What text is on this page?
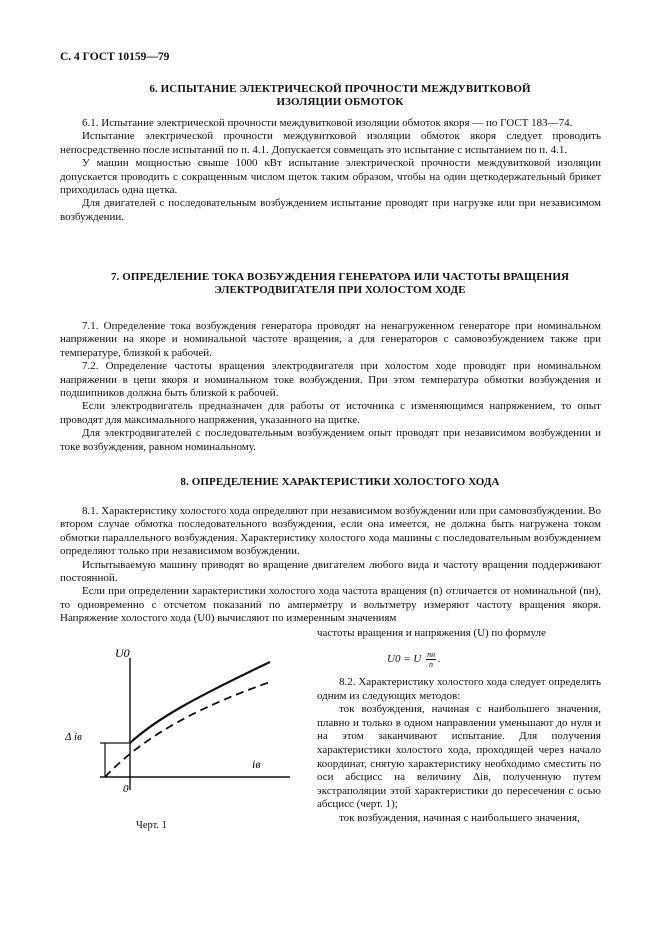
С. 4 ГОСТ 10159—79
6. ИСПЫТАНИЕ ЭЛЕКТРИЧЕСКОЙ ПРОЧНОСТИ МЕЖДУВИТКОВОЙ
ИЗОЛЯЦИИ ОБМОТОК

6.1. Испытание электрической прочности междувитковой изоляции обмоток якоря — по ГОСТ 183—74.

Испытание электрической прочности междувитковой изоляции обмоток якоря следует проводить непосредственно после испытаний по п. 4.1. Допускается совмещать это испытание с испытанием по п. 4.1.

У машин мощностью свыше 1000 кВт испытание электрической прочности междувитковой изоляции допускается проводить с сокращенным числом щеток таким образом, чтобы на один щеткодержательный брикет приходилась одна щетка.

Для двигателей с последовательным возбуждением испытание проводят при нагрузке или при независимом возбуждении.

7. ОПРЕДЕЛЕНИЕ ТОКА ВОЗБУЖДЕНИЯ ГЕНЕРАТОРА ИЛИ ЧАСТОТЫ ВРАЩЕНИЯ
ЭЛЕКТРОДВИГАТЕЛЯ ПРИ ХОЛОСТОМ ХОДЕ

7.1. Определение тока возбуждения генератора проводят на ненагруженном генераторе при номинальном напряжении на якоре и номинальной частоте вращения, а для генераторов с самовозбуждением также при температуре, близкой к рабочей.

7.2. Определение частоты вращения электродвигателя при холостом ходе проводят при номинальном напряжении в цепи якоря и номинальном токе возбуждения. При этом температура обмотки возбуждения и подшипников должна быть близкой к рабочей.

Если электродвигатель предназначен для работы от источника с изменяющимся напряжением, то опыт проводят для максимального напряжения, указанного на щитке.

Для электродвигателей с последовательным возбуждением опыт проводят при независимом возбуждении и токе возбуждения, равном номинальному.

8. ОПРЕДЕЛЕНИЕ ХАРАКТЕРИСТИКИ ХОЛОСТОГО ХОДА

8.1. Характеристику холостого хода определяют при независимом возбуждении или при самовозбуждении. Во втором случае обмотка последовательного возбуждения, если она имеется, не должна быть нагружена током обмотки параллельного возбуждения. Характеристику холостого хода машины с последовательным возбуждением определяют только при независимом возбуждении.

Испытываемую машину приводят во вращение двигателем любого вида и частоту вращения поддерживают постоянной.

Если при определении характеристики холостого хода частота вращения (n) отличается от номинальной (nн), то одновременно с отсчетом показаний по амперметру и вольтметру измеряют частоту вращения якоря. Напряжение холостого хода (U0) вычисляют по измеренным значениям

частоты вращения и напряжения (U) по формуле
U0 = U $\frac{nн}{n}$ .

8.2. Характеристику холостого хода следует определять одним из следующих методов:

ток возбуждения, начиная с наибольшего значения, плавно и только в одном направлении уменьшают до нуля и на этом заканчивают испытание. Для получения характеристики холостого хода, проходящей через начало координат, снятую характеристику необходимо сместить по оси абсцисс на величину Δiв, полученную путем экстраполяции этой характеристики до пересечения с осью абсцисс (черт. 1);

ток возбуждения, начиная с наибольшего значения,

U0
iв
Δ iв
0
Черт. 1
